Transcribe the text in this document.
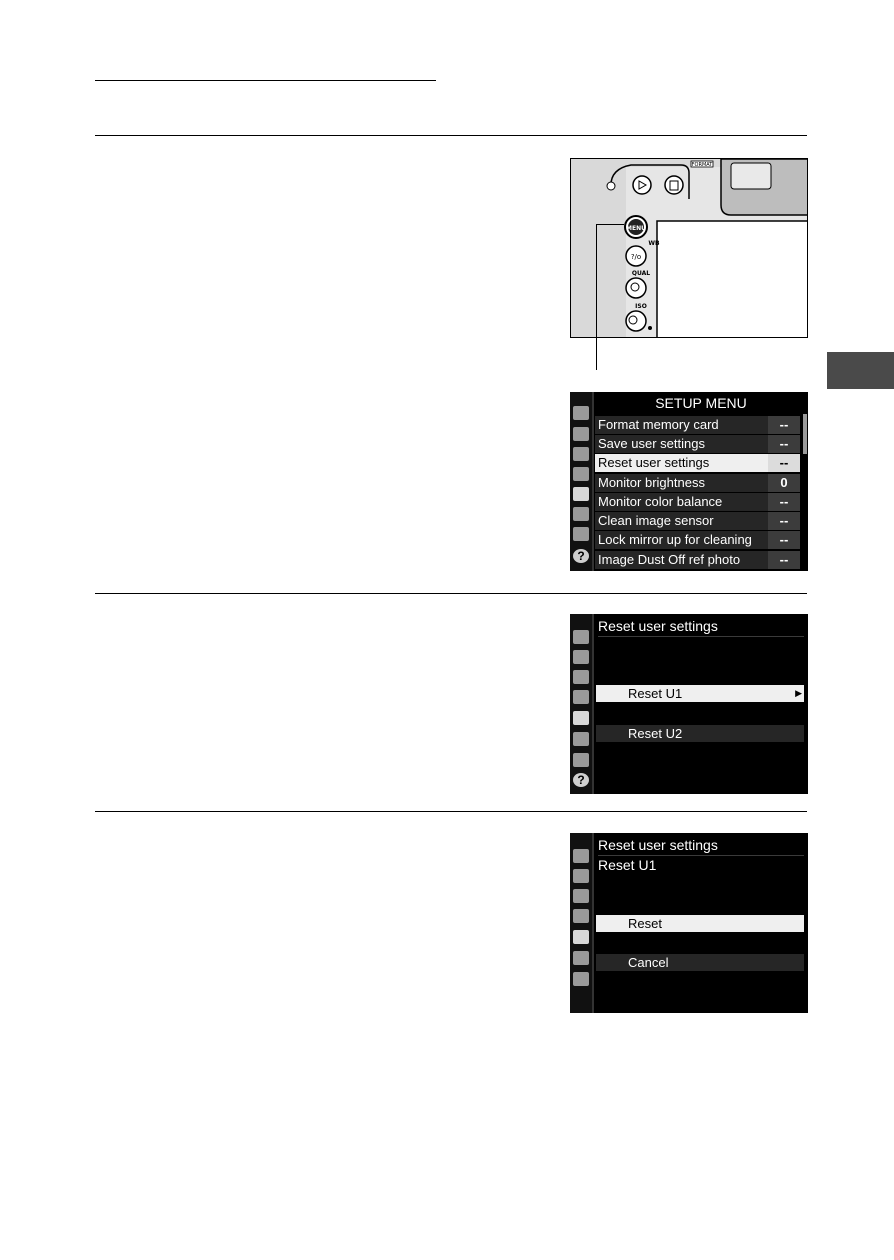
FORMAT
MENU
WB
?/o
QUAL
ISO
?
SETUP MENU
Format memory card	--
Save user settings	--
Reset user settings	--
Monitor brightness	0
Monitor color balance	--
Clean image sensor	--
Lock mirror up for cleaning	--
Image Dust Off ref photo	--
?
Reset user settings
Reset U1	▶
Reset U2
Reset user settings
Reset U1
Reset
Cancel
